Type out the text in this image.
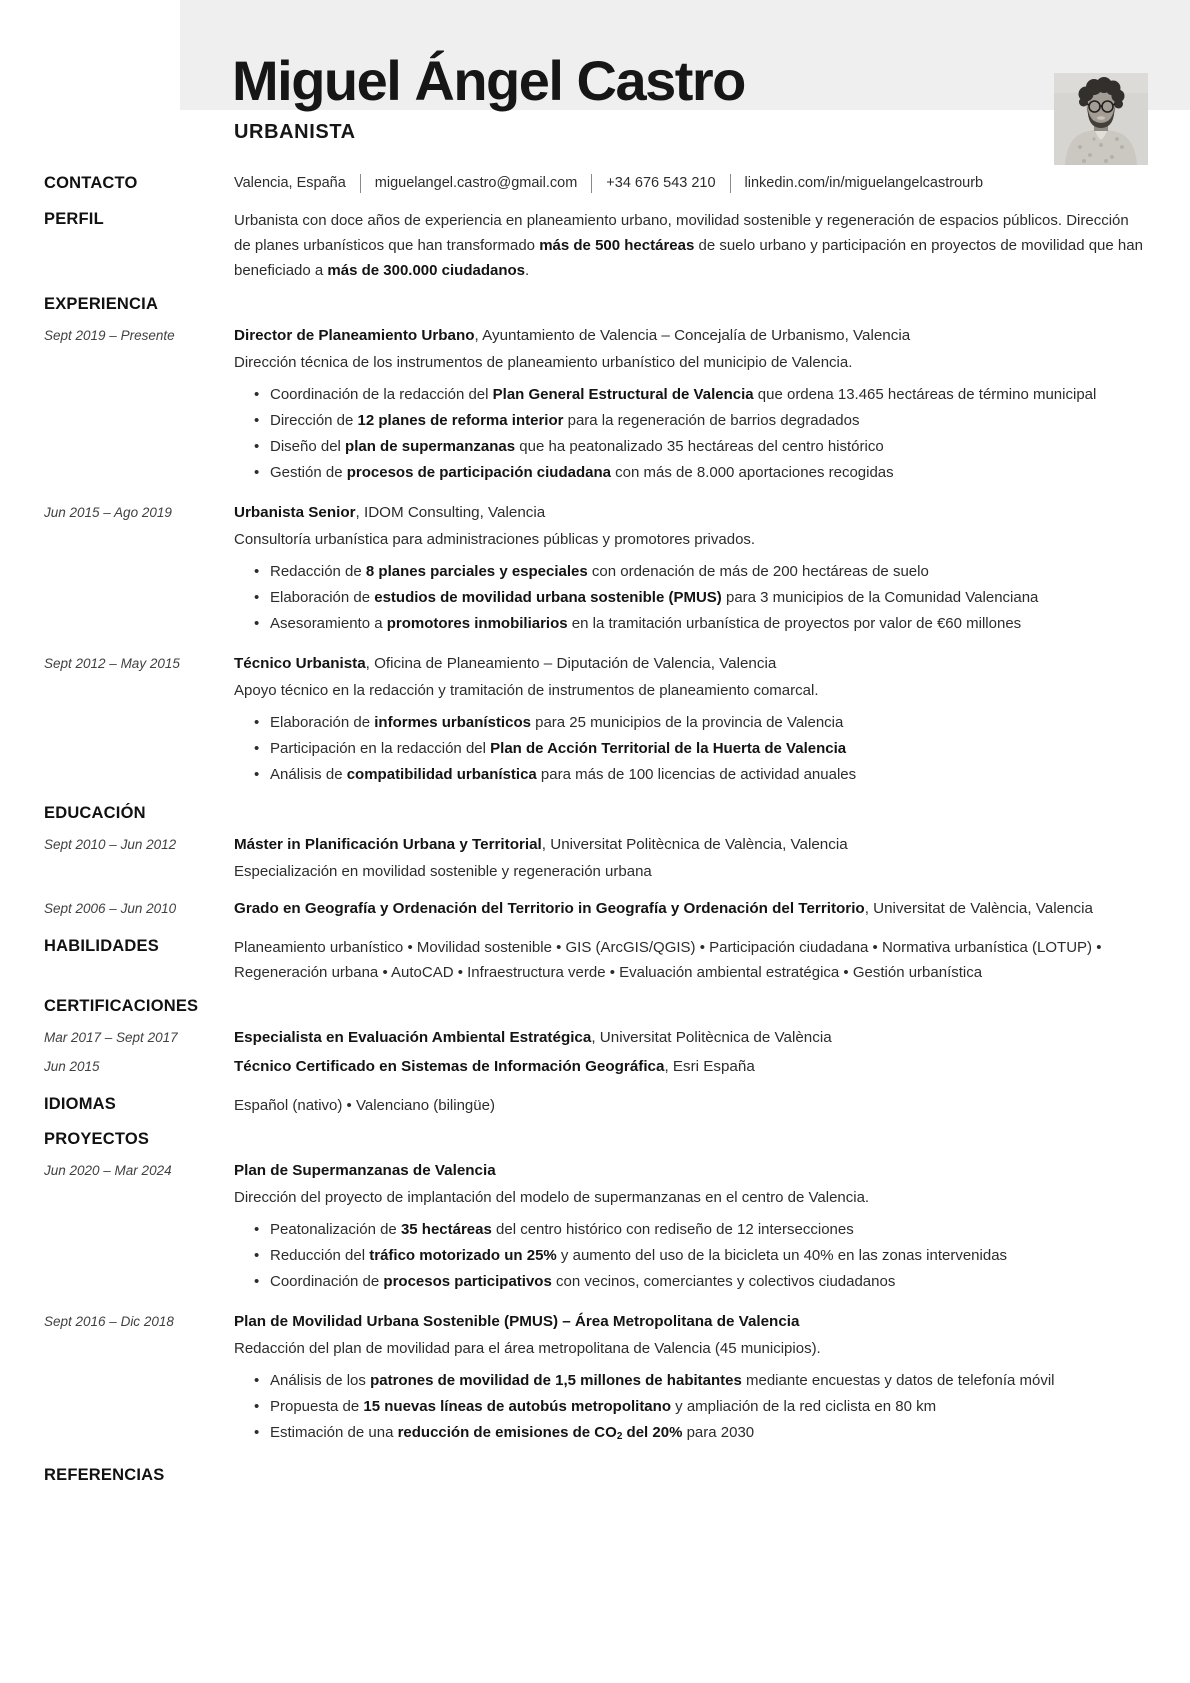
Miguel Ángel Castro
URBANISTA
CONTACTO	Valencia, España miguelangel.castro@gmail.com +34 676 543 210 linkedin.com/in/miguelangelcastrourb
PERFIL	Urbanista con doce años de experiencia en planeamiento urbano, movilidad sostenible y regeneración de espacios públicos. Dirección de planes urbanísticos que han transformado más de 500 hectáreas de suelo urbano y participación en proyectos de movilidad que han beneficiado a más de 300.000 ciudadanos.

EXPERIENCIA
Sept 2019 – Presente	Director de Planeamiento Urbano, Ayuntamiento de Valencia – Concejalía de Urbanismo, Valencia

Dirección técnica de los instrumentos de planeamiento urbanístico del municipio de Valencia.

• Coordinación de la redacción del Plan General Estructural de Valencia que ordena 13.465 hectáreas de término municipal
• Dirección de 12 planes de reforma interior para la regeneración de barrios degradados
• Diseño del plan de supermanzanas que ha peatonalizado 35 hectáreas del centro histórico
• Gestión de procesos de participación ciudadana con más de 8.000 aportaciones recogidas
Jun 2015 – Ago 2019	Urbanista Senior, IDOM Consulting, Valencia

Consultoría urbanística para administraciones públicas y promotores privados.

• Redacción de 8 planes parciales y especiales con ordenación de más de 200 hectáreas de suelo
• Elaboración de estudios de movilidad urbana sostenible (PMUS) para 3 municipios de la Comunidad Valenciana
• Asesoramiento a promotores inmobiliarios en la tramitación urbanística de proyectos por valor de €60 millones
Sept 2012 – May 2015	Técnico Urbanista, Oficina de Planeamiento – Diputación de Valencia, Valencia

Apoyo técnico en la redacción y tramitación de instrumentos de planeamiento comarcal.

• Elaboración de informes urbanísticos para 25 municipios de la provincia de Valencia
• Participación en la redacción del Plan de Acción Territorial de la Huerta de Valencia
• Análisis de compatibilidad urbanística para más de 100 licencias de actividad anuales
EDUCACIÓN
Sept 2010 – Jun 2012	Máster in Planificación Urbana y Territorial, Universitat Politècnica de València, Valencia

Especialización en movilidad sostenible y regeneración urbana

Sept 2006 – Jun 2010	Grado en Geografía y Ordenación del Territorio in Geografía y Ordenación del Territorio, Universitat de València, Valencia

HABILIDADES	Planeamiento urbanístico • Movilidad sostenible • GIS (ArcGIS/QGIS) • Participación ciudadana • Normativa urbanística (LOTUP) • Regeneración urbana • AutoCAD • Infraestructura verde • Evaluación ambiental estratégica • Gestión urbanística

CERTIFICACIONES
Mar 2017 – Sept 2017	Especialista en Evaluación Ambiental Estratégica, Universitat Politècnica de València

Jun 2015	Técnico Certificado en Sistemas de Información Geográfica, Esri España

IDIOMAS	Español (nativo) • Valenciano (bilingüe)

PROYECTOS
Jun 2020 – Mar 2024	Plan de Supermanzanas de Valencia

Dirección del proyecto de implantación del modelo de supermanzanas en el centro de Valencia.

• Peatonalización de 35 hectáreas del centro histórico con rediseño de 12 intersecciones
• Reducción del tráfico motorizado un 25% y aumento del uso de la bicicleta un 40% en las zonas intervenidas
• Coordinación de procesos participativos con vecinos, comerciantes y colectivos ciudadanos
Sept 2016 – Dic 2018	Plan de Movilidad Urbana Sostenible (PMUS) – Área Metropolitana de Valencia

Redacción del plan de movilidad para el área metropolitana de Valencia (45 municipios).

• Análisis de los patrones de movilidad de 1,5 millones de habitantes mediante encuestas y datos de telefonía móvil
• Propuesta de 15 nuevas líneas de autobús metropolitano y ampliación de la red ciclista en 80 km
• Estimación de una reducción de emisiones de $CO_2$ del 20% para 2030
REFERENCIAS
